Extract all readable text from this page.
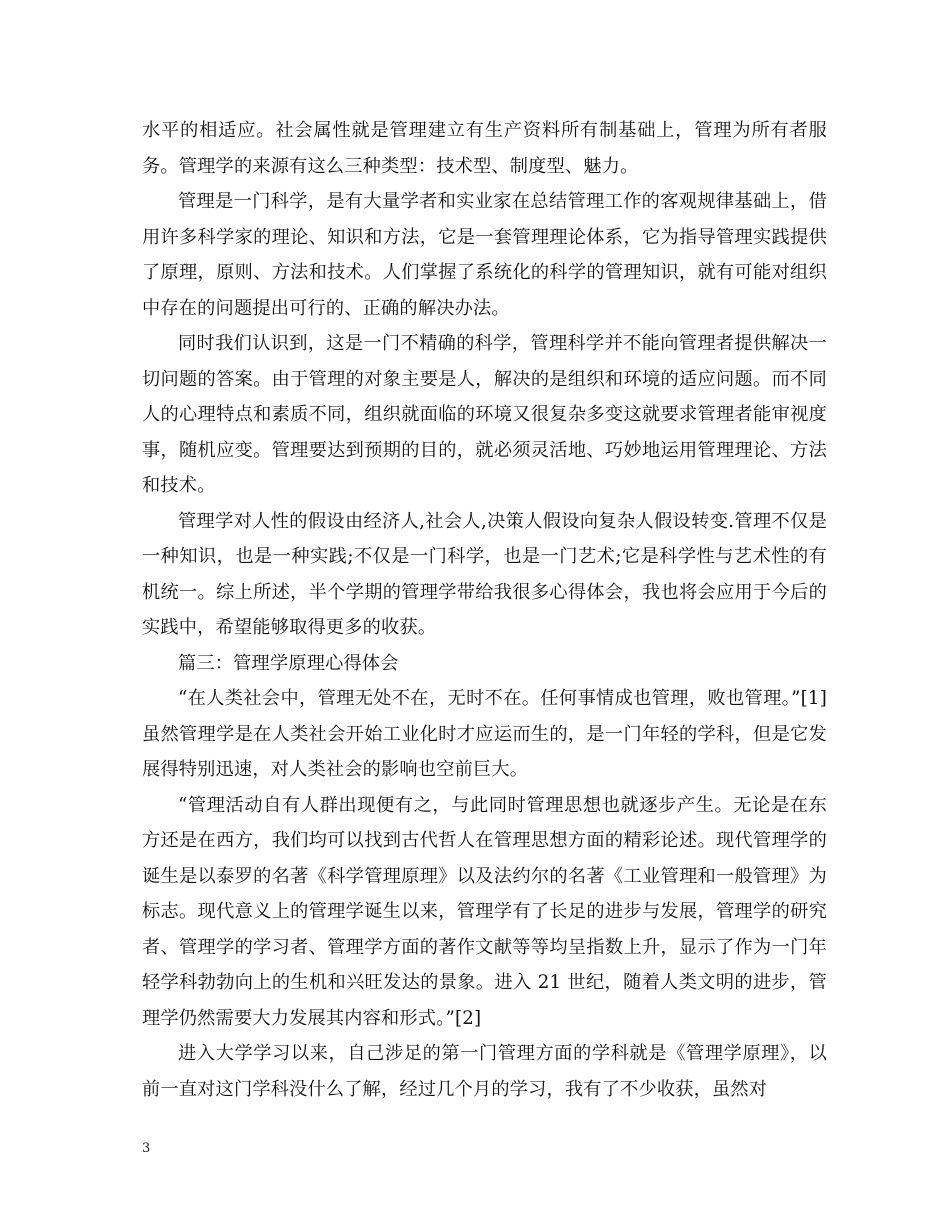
水平的相适应。社会属性就是管理建立有生产资料所有制基础上，管理为所有者服务。管理学的来源有这么三种类型：技术型、制度型、魅力。

管理是一门科学，是有大量学者和实业家在总结管理工作的客观规律基础上，借用许多科学家的理论、知识和方法，它是一套管理理论体系，它为指导管理实践提供了原理，原则、方法和技术。人们掌握了系统化的科学的管理知识，就有可能对组织中存在的问题提出可行的、正确的解决办法。

同时我们认识到，这是一门不精确的科学，管理科学并不能向管理者提供解决一切问题的答案。由于管理的对象主要是人，解决的是组织和环境的适应问题。而不同人的心理特点和素质不同，组织就面临的环境又很复杂多变这就要求管理者能审视度事，随机应变。管理要达到预期的目的，就必须灵活地、巧妙地运用管理理论、方法和技术。

管理学对人性的假设由经济人,社会人,决策人假设向复杂人假设转变.管理不仅是一种知识，也是一种实践;不仅是一门科学，也是一门艺术;它是科学性与艺术性的有机统一。综上所述，半个学期的管理学带给我很多心得体会，我也将会应用于今后的实践中，希望能够取得更多的收获。

篇三：管理学原理心得体会

“在人类社会中，管理无处不在，无时不在。任何事情成也管理，败也管理。”[1]虽然管理学是在人类社会开始工业化时才应运而生的，是一门年轻的学科，但是它发展得特别迅速，对人类社会的影响也空前巨大。

“管理活动自有人群出现便有之，与此同时管理思想也就逐步产生。无论是在东方还是在西方，我们均可以找到古代哲人在管理思想方面的精彩论述。现代管理学的诞生是以泰罗的名著《科学管理原理》以及法约尔的名著《工业管理和一般管理》为标志。现代意义上的管理学诞生以来，管理学有了长足的进步与发展，管理学的研究者、管理学的学习者、管理学方面的著作文献等等均呈指数上升，显示了作为一门年轻学科勃勃向上的生机和兴旺发达的景象。进入 21 世纪，随着人类文明的进步，管理学仍然需要大力发展其内容和形式。”[2]

进入大学学习以来，自己涉足的第一门管理方面的学科就是《管理学原理》，以前一直对这门学科没什么了解，经过几个月的学习，我有了不少收获，虽然对

3
